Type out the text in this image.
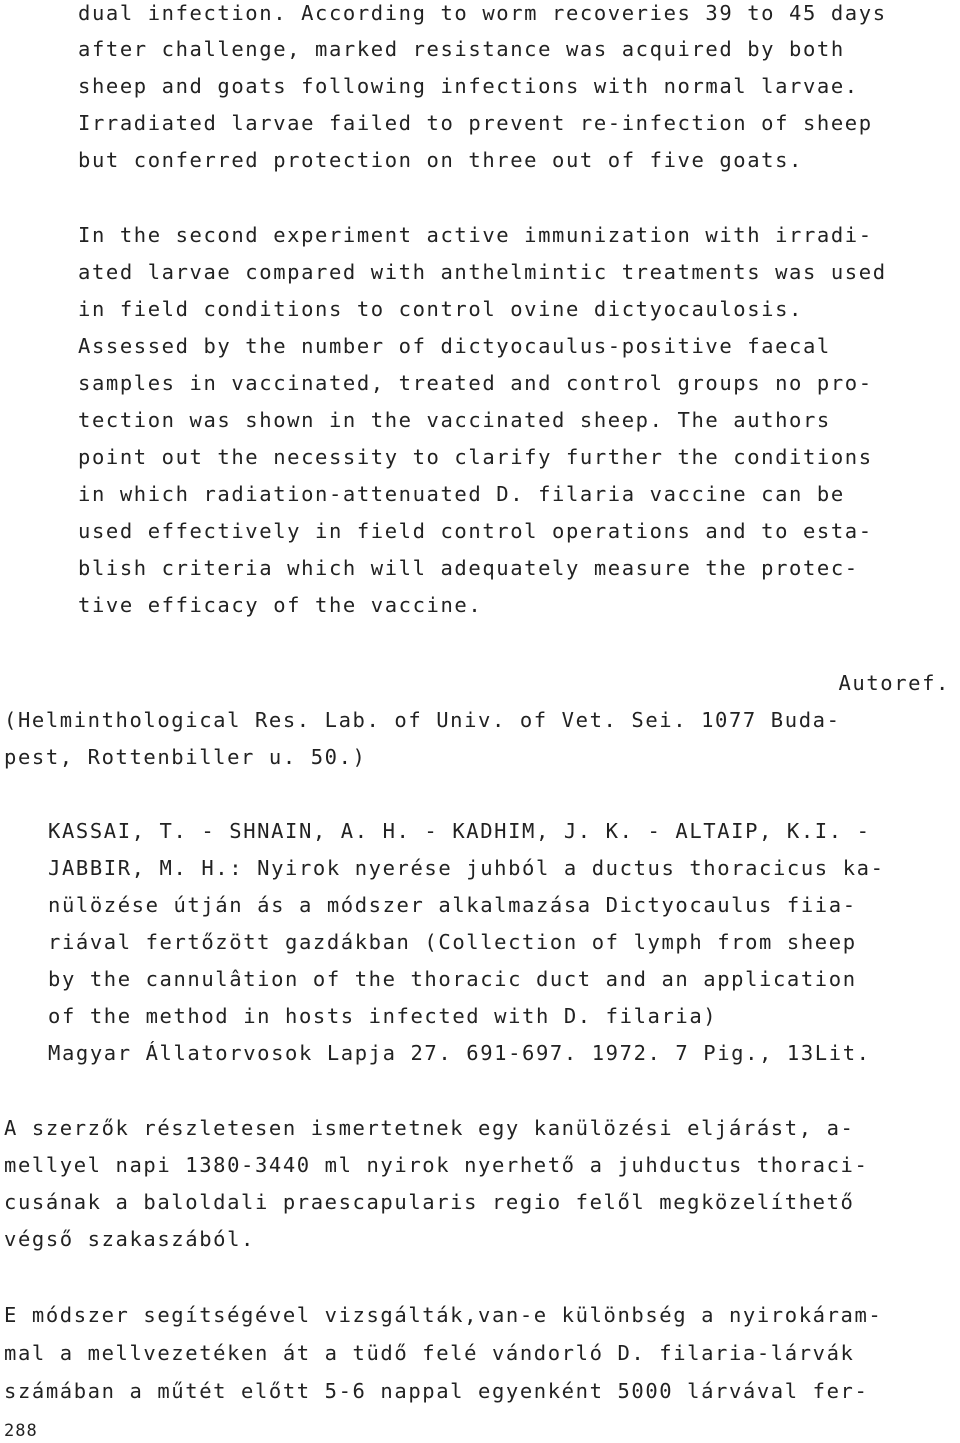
dual infection. According to worm recoveries 39 to 45 days
after challenge, marked resistance was acquired by both
sheep and goats following infections with normal larvae.
Irradiated larvae failed to prevent re-infection of sheep
but conferred protection on three out of five goats.
In the second experiment active immunization with irradi-
ated larvae compared with anthelmintic treatments was used
in field conditions to control ovine dictyocaulosis.
Assessed by the number of dictyocaulus-positive faecal
samples in vaccinated, treated and control groups no pro-
tection was shown in the vaccinated sheep. The authors
point out the necessity to clarify further the conditions
in which radiation-attenuated D. filaria vaccine can be
used effectively in field control operations and to esta-
blish criteria which will adequately measure the protec-
tive efficacy of the vaccine.
Autoref.
(Helminthological Res. Lab. of Univ. of Vet. Sei. 1077 Buda-
pest, Rottenbiller u. 50.)
KASSAI, T. - SHNAIN, A. H. - KADHIM, J. K. - ALTAIP, K.I. -
JABBIR, M. H.: Nyirok nyerése juhból a ductus thoracicus ka-
nülözése útján ás a módszer alkalmazása Dictyocaulus fiia-
riával fertőzött gazdákban (Collection of lymph from sheep
by the cannulâtion of the thoracic duct and an application
of the method in hosts infected with D. filaria)
Magyar Állatorvosok Lapja 27. 691-697. 1972. 7 Pig., 13Lit.
A szerzők részletesen ismertetnek egy kanülözési eljárást, a-
mellyel napi 1380-3440 ml nyirok nyerhető a juhductus thoraci-
cusának a baloldali praescapularis regio felől megközelíthető
végső szakaszából.
E módszer segítségével vizsgálták,van-e különbség a nyirokáram-
mal a mellvezetéken át a tüdő felé vándorló D. filaria-lárvák
számában a műtét előtt 5-6 nappal egyenként 5000 lárvával fer-
288
